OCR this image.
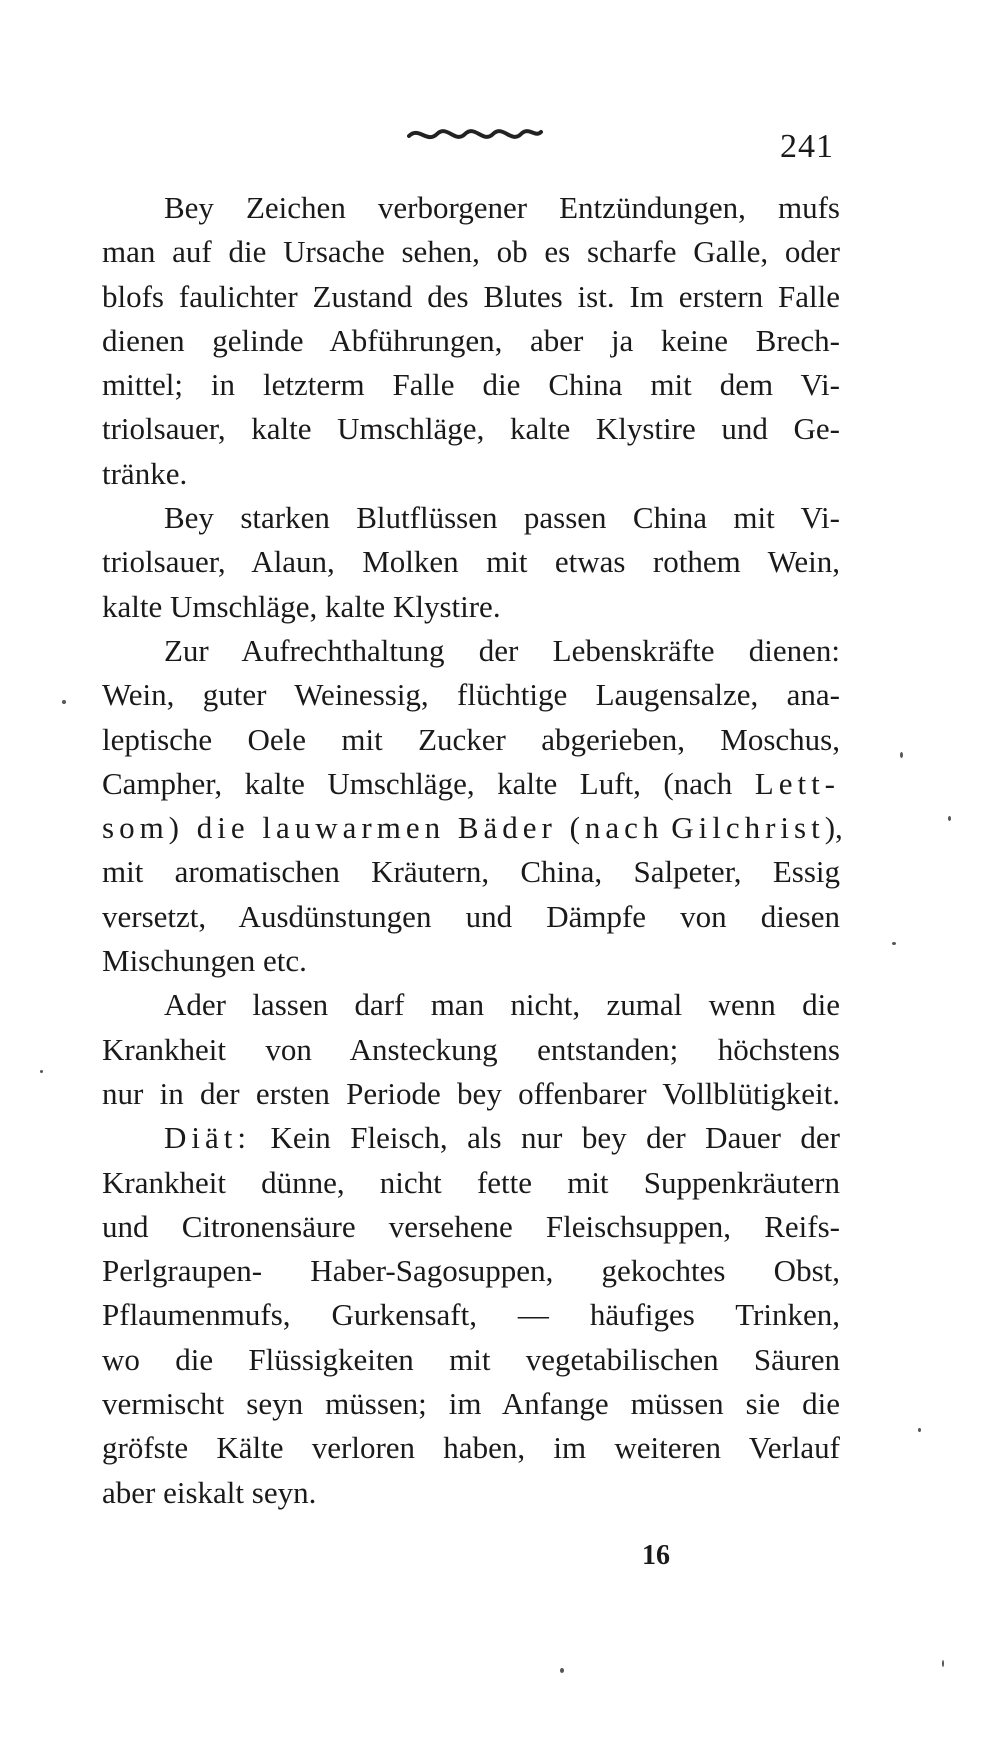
241

Bey Zeichen verborgener Entzündungen, mufs
man auf die Ursache sehen, ob es scharfe Galle, oder
blofs faulichter Zustand des Blutes ist. Im erstern Falle
dienen gelinde Abführungen, aber ja keine Brech-
mittel; in letzterm Falle die China mit dem Vi-
triolsauer, kalte Umschläge, kalte Klystire und Ge-
tränke.

Bey starken Blutflüssen passen China mit Vi-
triolsauer, Alaun, Molken mit etwas rothem Wein,
kalte Umschläge, kalte Klystire.

Zur Aufrechthaltung der Lebenskräfte dienen:
Wein, guter Weinessig, flüchtige Laugensalze, ana-
leptische Oele mit Zucker abgerieben, Moschus,
Campher, kalte Umschläge, kalte Luft, (nach Lett-
som) die lauwarmen Bäder (nach Gilchrist),
mit aromatischen Kräutern, China, Salpeter, Essig
versetzt, Ausdünstungen und Dämpfe von diesen
Mischungen etc.

Ader lassen darf man nicht, zumal wenn die
Krankheit von Ansteckung entstanden; höchstens
nur in der ersten Periode bey offenbarer Vollblütigkeit.

Diät: Kein Fleisch, als nur bey der Dauer der
Krankheit dünne, nicht fette mit Suppenkräutern
und Citronensäure versehene Fleischsuppen, Reifs-
Perlgraupen- Haber-Sagosuppen, gekochtes Obst,
Pflaumenmufs, Gurkensaft, — häufiges Trinken,
wo die Flüssigkeiten mit vegetabilischen Säuren
vermischt seyn müssen; im Anfange müssen sie die
gröfste Kälte verloren haben, im weiteren Verlauf
aber eiskalt seyn.

16
